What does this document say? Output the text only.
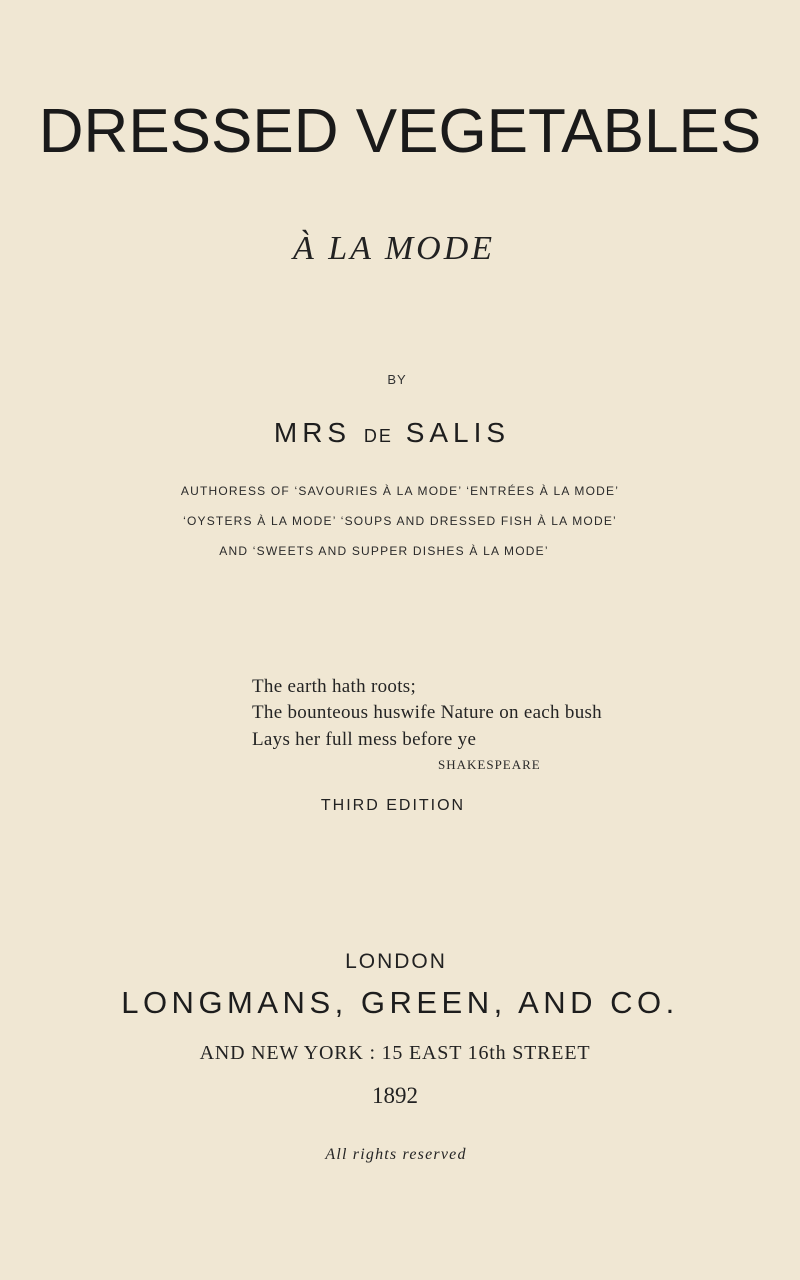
DRESSED VEGETABLES
À LA MODE
BY
MRS DE SALIS
AUTHORESS OF ‘SAVOURIES À LA MODE’ ‘ENTRÉES À LA MODE’
‘OYSTERS À LA MODE’ ‘SOUPS AND DRESSED FISH À LA MODE’
AND ‘SWEETS AND SUPPER DISHES À LA MODE’
The earth hath roots;
The bounteous huswife Nature on each bush
Lays her full mess before ye
SHAKESPEARE
THIRD EDITION
LONDON
LONGMANS, GREEN, AND CO.
AND NEW YORK : 15 EAST 16th STREET
1892
All rights reserved
